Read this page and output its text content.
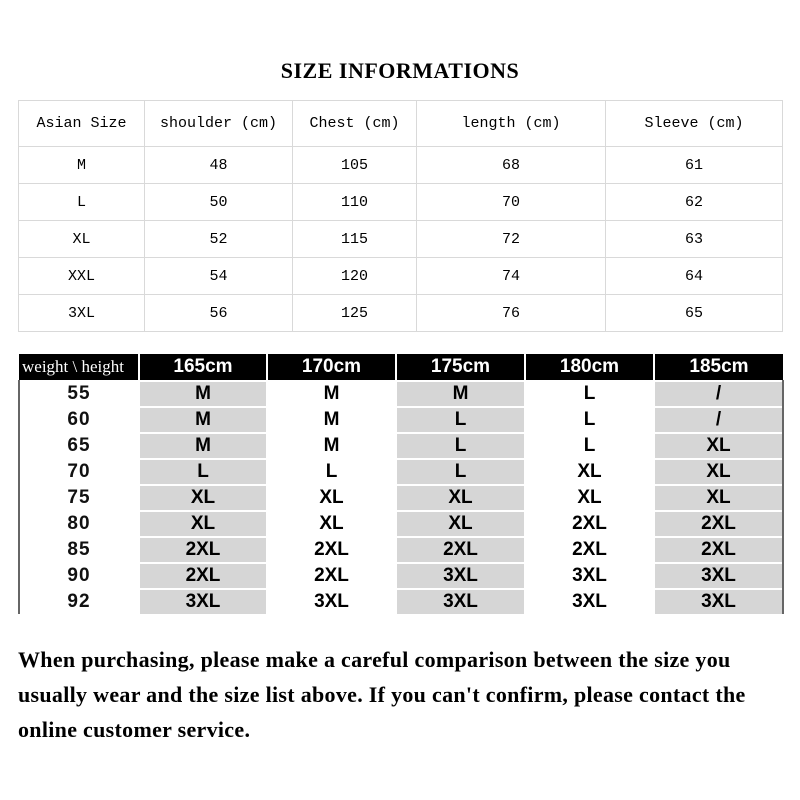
SIZE INFORMATIONS
Asian Size	shoulder (cm)	Chest (cm)	length (cm)	Sleeve (cm)
M	48	105	68	61
L	50	110	70	62
XL	52	115	72	63
XXL	54	120	74	64
3XL	56	125	76	65
weight \ height	165cm	170cm	175cm	180cm	185cm
55	M	M	M	L	/
60	M	M	L	L	/
65	M	M	L	L	XL
70	L	L	L	XL	XL
75	XL	XL	XL	XL	XL
80	XL	XL	XL	2XL	2XL
85	2XL	2XL	2XL	2XL	2XL
90	2XL	2XL	3XL	3XL	3XL
92	3XL	3XL	3XL	3XL	3XL
When purchasing, please make a careful comparison between the size you usually wear and the size list above. If you can't confirm, please contact the online customer service.
